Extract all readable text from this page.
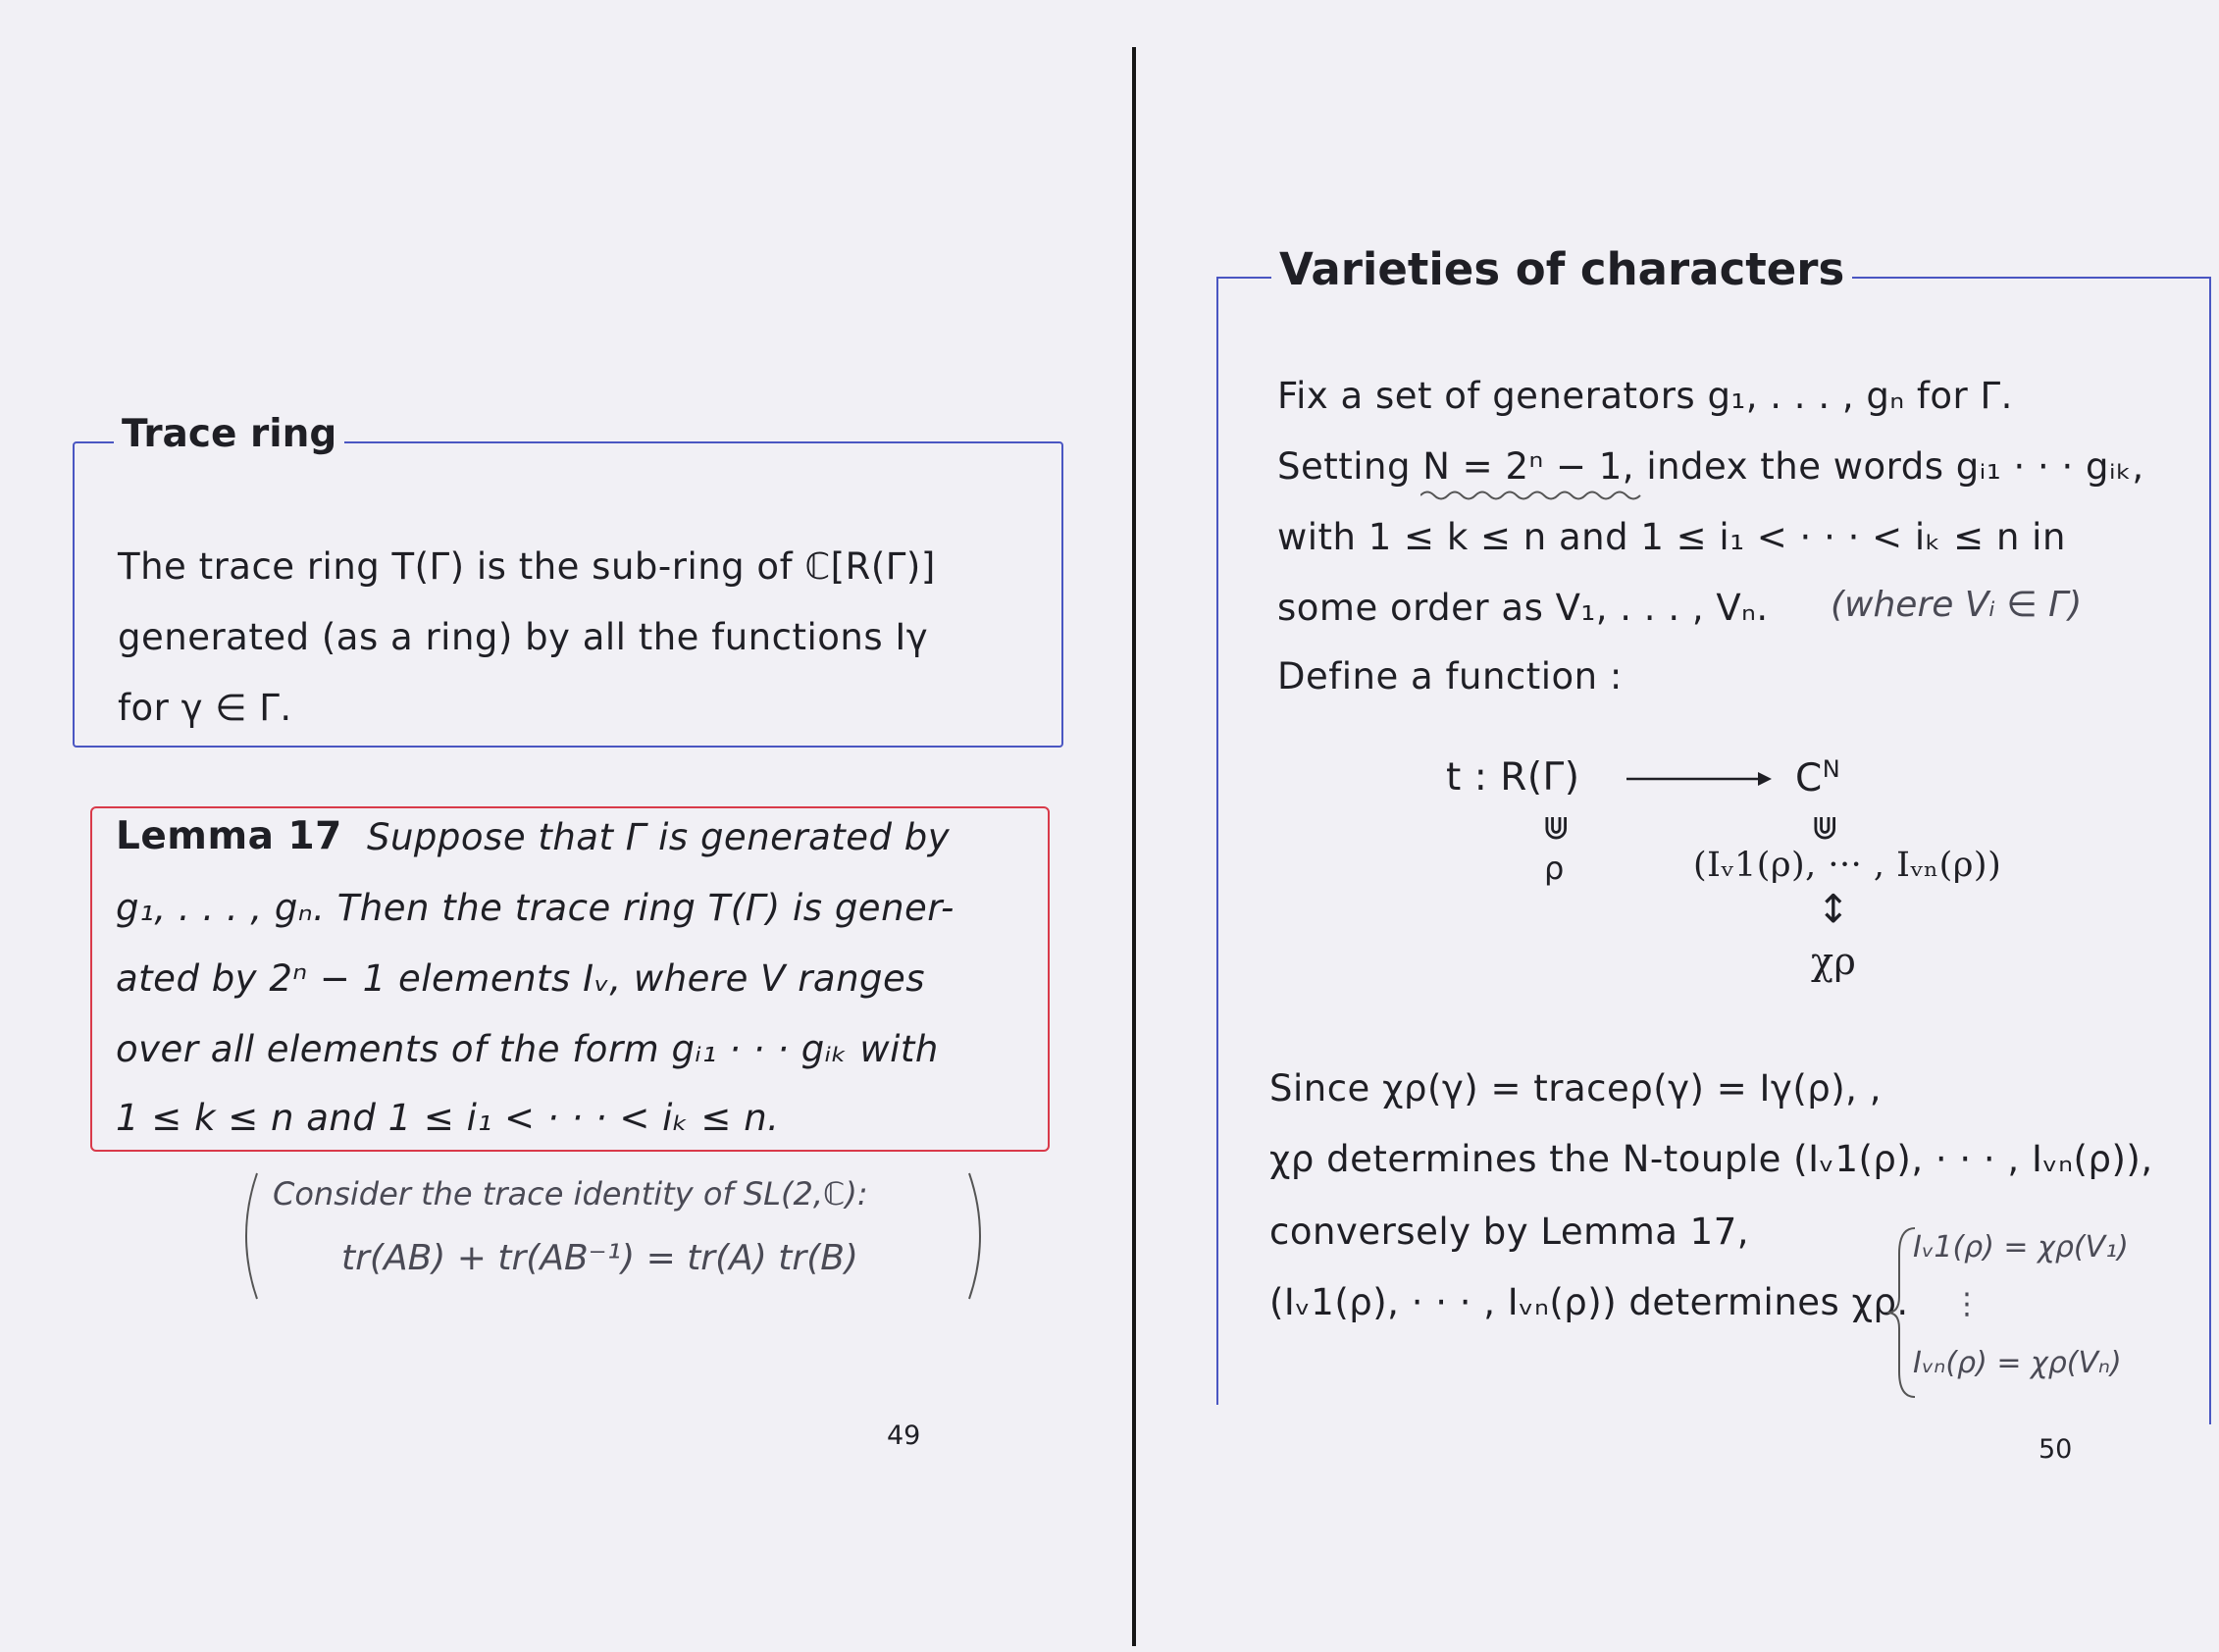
Trace ring
The trace ring T(Γ) is the sub-ring of ℂ[R(Γ)]
generated (as a ring) by all the functions Iγ
for γ ∈ Γ.
Lemma 17 Suppose that Γ is generated by
g₁, . . . , gₙ. Then the trace ring T(Γ) is gener-
ated by 2ⁿ − 1 elements Iᵥ, where V ranges
over all elements of the form gᵢ₁ · · · gᵢₖ with
1 ≤ k ≤ n and 1 ≤ i₁ < · · · < iₖ ≤ n.
Consider the trace identity of SL(2,ℂ):
tr(AB) + tr(AB⁻¹) = tr(A) tr(B)
49
Varieties of characters
Fix a set of generators g₁, . . . , gₙ for Γ.
Setting N = 2ⁿ − 1, index the words gᵢ₁ · · · gᵢₖ,
with 1 ≤ k ≤ n and 1 ≤ i₁ < · · · < iₖ ≤ n in
some order as V₁, . . . , Vₙ. (where Vᵢ ∈ Γ)
Define a function :
t : R(Γ)	$C^N$
⋓	⋓
ρ	(Iᵥ1(ρ), ··· , Iᵥₙ(ρ))
↕
χρ
Since χρ(γ) = traceρ(γ) = Iγ(ρ), ,
χρ determines the N-touple (Iᵥ1(ρ), · · · , Iᵥₙ(ρ)),
conversely by Lemma 17,
(Iᵥ1(ρ), · · · , Iᵥₙ(ρ)) determines χρ.
Iᵥ1(ρ) = χρ(V₁)
⋮
Iᵥₙ(ρ) = χρ(Vₙ)
50
